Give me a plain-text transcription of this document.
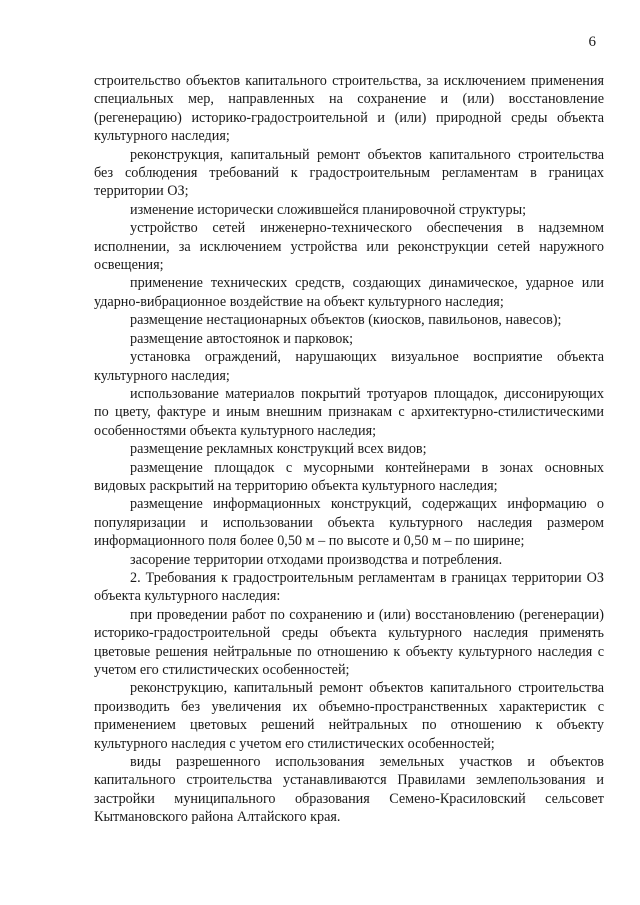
6

строительство объектов капитального строительства, за исключением применения специальных мер, направленных на сохранение и (или) восстановление (регенерацию) историко-градостроительной и (или) природной среды объекта культурного наследия;

реконструкция, капитальный ремонт объектов капитального строительства без соблюдения требований к градостроительным регламентам в границах территории ОЗ;

изменение исторически сложившейся планировочной структуры;

устройство сетей инженерно-технического обеспечения в надземном исполнении, за исключением устройства или реконструкции сетей наружного освещения;

применение технических средств, создающих динамическое, ударное или ударно-вибрационное воздействие на объект культурного наследия;

размещение нестационарных объектов (киосков, павильонов, навесов);

размещение автостоянок и парковок;

установка ограждений, нарушающих визуальное восприятие объекта культурного наследия;

использование материалов покрытий тротуаров площадок, диссонирующих по цвету, фактуре и иным внешним признакам с архитектурно-стилистическими особенностями объекта культурного наследия;

размещение рекламных конструкций всех видов;

размещение площадок с мусорными контейнерами в зонах основных видовых раскрытий на территорию объекта культурного наследия;

размещение информационных конструкций, содержащих информацию о популяризации и использовании объекта культурного наследия размером информационного поля более 0,50 м – по высоте и 0,50 м – по ширине;

засорение территории отходами производства и потребления.

2. Требования к градостроительным регламентам в границах территории ОЗ объекта культурного наследия:

при проведении работ по сохранению и (или) восстановлению (регенерации) историко-градостроительной среды объекта культурного наследия применять цветовые решения нейтральные по отношению к объекту культурного наследия с учетом его стилистических особенностей;

реконструкцию, капитальный ремонт объектов капитального строительства производить без увеличения их объемно-пространственных характеристик с применением цветовых решений нейтральных по отношению к объекту культурного наследия с учетом его стилистических особенностей;

виды разрешенного использования земельных участков и объектов капитального строительства устанавливаются Правилами землепользования и застройки муниципального образования Семено-Красиловский сельсовет Кытмановского района Алтайского края.
